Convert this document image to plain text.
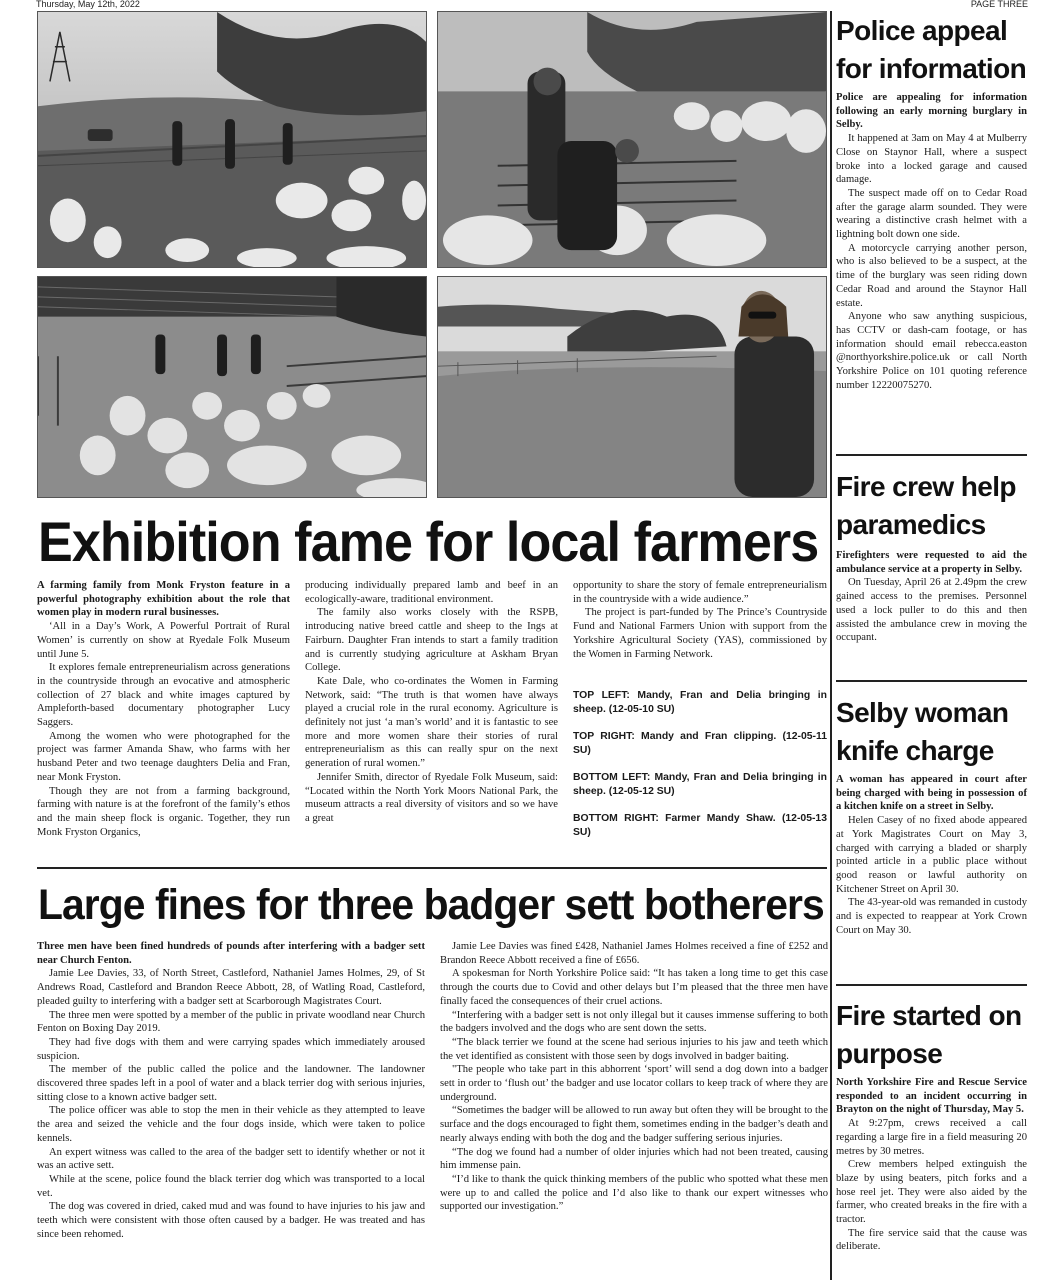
Thursday, May 12th, 2022	PAGE THREE
Exhibition fame for local farmers

A farming family from Monk Fryston feature in a powerful photography exhibition about the role that women play in modern rural businesses.

‘All in a Day’s Work, A Powerful Portrait of Rural Women’ is currently on show at Ryedale Folk Museum until June 5.

It explores female entrepreneurialism across generations in the countryside through an evocative and atmospheric collection of 27 black and white images captured by Ampleforth-based documentary photographer Lucy Saggers.

Among the women who were photographed for the project was farmer Amanda Shaw, who farms with her husband Peter and two teenage daughters Delia and Fran, near Monk Fryston.

Though they are not from a farming background, farming with nature is at the forefront of the family’s ethos and the main sheep flock is organic. Together, they run Monk Fryston Organics,

producing individually prepared lamb and beef in an ecologically-aware, traditional environment.

The family also works closely with the RSPB, introducing native breed cattle and sheep to the Ings at Fairburn. Daughter Fran intends to start a family tradition and is currently studying agriculture at Askham Bryan College.

Kate Dale, who co-ordinates the Women in Farming Network, said: “The truth is that women have always played a crucial role in the rural economy. Agriculture is definitely not just ‘a man’s world’ and it is fantastic to see more and more women share their stories of rural entrepreneurialism as this can really spur on the next generation of rural women.”

Jennifer Smith, director of Ryedale Folk Museum, said: “Located within the North York Moors National Park, the museum attracts a real diversity of visitors and so we have a great

opportunity to share the story of female entrepreneurialism in the countryside with a wide audience.”

The project is part-funded by The Prince’s Countryside Fund and National Farmers Union with support from the Yorkshire Agricultural Society (YAS), commissioned by the Women in Farming Network.

TOP LEFT: Mandy, Fran and Delia bringing in sheep. (12-05-10 SU)

TOP RIGHT: Mandy and Fran clipping. (12-05-11 SU)

BOTTOM LEFT: Mandy, Fran and Delia bringing in sheep. (12-05-12 SU)

BOTTOM RIGHT: Farmer Mandy Shaw. (12-05-13 SU)

Large fines for three badger sett botherers

Three men have been fined hundreds of pounds after interfering with a badger sett near Church Fenton.

Jamie Lee Davies, 33, of North Street, Castleford, Nathaniel James Holmes, 29, of St Andrews Road, Castleford and Brandon Reece Abbott, 28, of Watling Road, Castleford, pleaded guilty to interfering with a badger sett at Scarborough Magistrates Court.

The three men were spotted by a member of the public in private woodland near Church Fenton on Boxing Day 2019.

They had five dogs with them and were carrying spades which immediately aroused suspicion.

The member of the public called the police and the landowner. The landowner discovered three spades left in a pool of water and a black terrier dog with serious injuries, sitting close to a known active badger sett.

The police officer was able to stop the men in their vehicle as they attempted to leave the area and seized the vehicle and the four dogs inside, which were taken to police kennels.

An expert witness was called to the area of the badger sett to identify whether or not it was an active sett.

While at the scene, police found the black terrier dog which was transported to a local vet.

The dog was covered in dried, caked mud and was found to have injuries to his jaw and teeth which were consistent with those often caused by a badger. He was treated and has since been rehomed.

Jamie Lee Davies was fined £428, Nathaniel James Holmes received a fine of £252 and Brandon Reece Abbott received a fine of £656.

A spokesman for North Yorkshire Police said: “It has taken a long time to get this case through the courts due to Covid and other delays but I’m pleased that the three men have finally faced the consequences of their cruel actions.

“Interfering with a badger sett is not only illegal but it causes immense suffering to both the badgers involved and the dogs who are sent down the setts.

“The black terrier we found at the scene had serious injuries to his jaw and teeth which the vet identified as consistent with those seen by dogs involved in badger baiting.

"The people who take part in this abhorrent ‘sport’ will send a dog down into a badger sett in order to ‘flush out’ the badger and use locator collars to keep track of where they are underground.

“Sometimes the badger will be allowed to run away but often they will be brought to the surface and the dogs encouraged to fight them, sometimes ending in the badger’s death and nearly always ending with both the dog and the badger suffering serious injuries.

“The dog we found had a number of older injuries which had not been treated, causing him immense pain.

“I’d like to thank the quick thinking members of the public who spotted what these men were up to and called the police and I’d also like to thank our expert witnesses who supported our investigation.”

Police appeal for information

Police are appealing for information following an early morning burglary in Selby.

It happened at 3am on May 4 at Mulberry Close on Staynor Hall, where a suspect broke into a locked garage and caused damage.

The suspect made off on to Cedar Road after the garage alarm sounded. They were wearing a distinctive crash helmet with a lightning bolt down one side.

A motorcycle carrying another person, who is also believed to be a suspect, at the time of the burglary was seen riding down Cedar Road and around the Staynor Hall estate.

Anyone who saw anything suspicious, has CCTV or dash-cam footage, or has information should email rebecca.easton @northyorkshire.police.uk or call North Yorkshire Police on 101 quoting reference number 12220075270.

Fire crew help paramedics

Firefighters were requested to aid the ambulance service at a property in Selby.

On Tuesday, April 26 at 2.49pm the crew gained access to the premises. Personnel used a lock puller to do this and then assisted the ambulance crew in moving the occupant.

Selby woman knife charge

A woman has appeared in court after being charged with being in possession of a kitchen knife on a street in Selby.

Helen Casey of no fixed abode appeared at York Magistrates Court on May 3, charged with carrying a bladed or sharply pointed article in a public place without good reason or lawful authority on Kitchener Street on April 30.

The 43-year-old was remanded in custody and is expected to reappear at York Crown Court on May 30.

Fire started on purpose

North Yorkshire Fire and Rescue Service responded to an incident occurring in Brayton on the night of Thursday, May 5.

At 9:27pm, crews received a call regarding a large fire in a field measuring 20 metres by 30 metres.

Crew members helped extinguish the blaze by using beaters, pitch forks and a hose reel jet. They were also aided by the farmer, who created breaks in the fire with a tractor.

The fire service said that the cause was deliberate.
